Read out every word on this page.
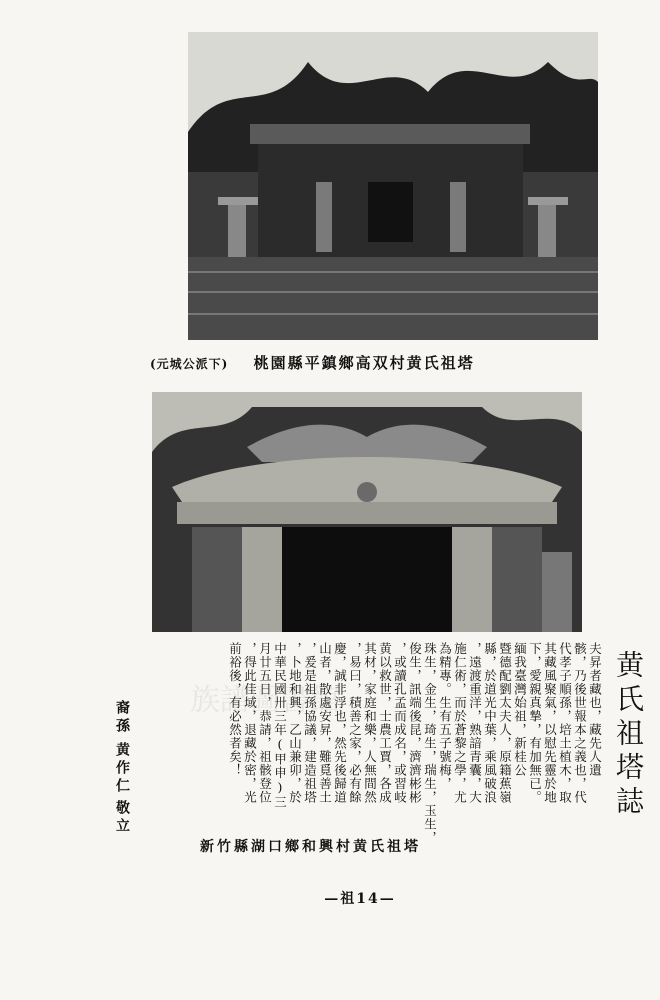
(元城公派下) 桃園縣平鎮鄉高双村黄氏祖塔
新竹縣湖口鄉和興村黄氏祖塔
黄氏祖塔誌
夫昇者藏也，藏先人遺
骸，乃後世報本之義也，代
代孝子順孫，培土植木，取
其藏風聚氣，以慰先靈於地
下，愛親真摯，有加無已。
緬我臺灣始祖，新桂公
暨德配劉太夫人，原籍蕉嶺
縣，於道光中葉，乘風破浪
，遠渡重洋，熟諳青囊，大
施仁術，而於蒼黎之學，尤
為精專。生有五子號梅，
珠生，金生，琦生，瑞生，玉生，
俊生，訊端後昆，濟濟彬彬
，或讀孔孟而成名，或習岐
黄以救世，士農工賈，各成
其材，家庭和樂，人無間然
，易曰，積善之家，必有餘
慶，誠非浮也，然先後歸道
山者，散處安昇，難覓善土
，爰是祖孫協議，建造祖塔
，卜地和興，乙山兼卯，於
中華民國卅三年(甲申)三
月廿五日，恭請，祖骸登位
，得此佳域，退藏於密，光
前裕後，有必然者矣！
裔孫
黄作仁
敬立
族譜圖書館
—祖14—
